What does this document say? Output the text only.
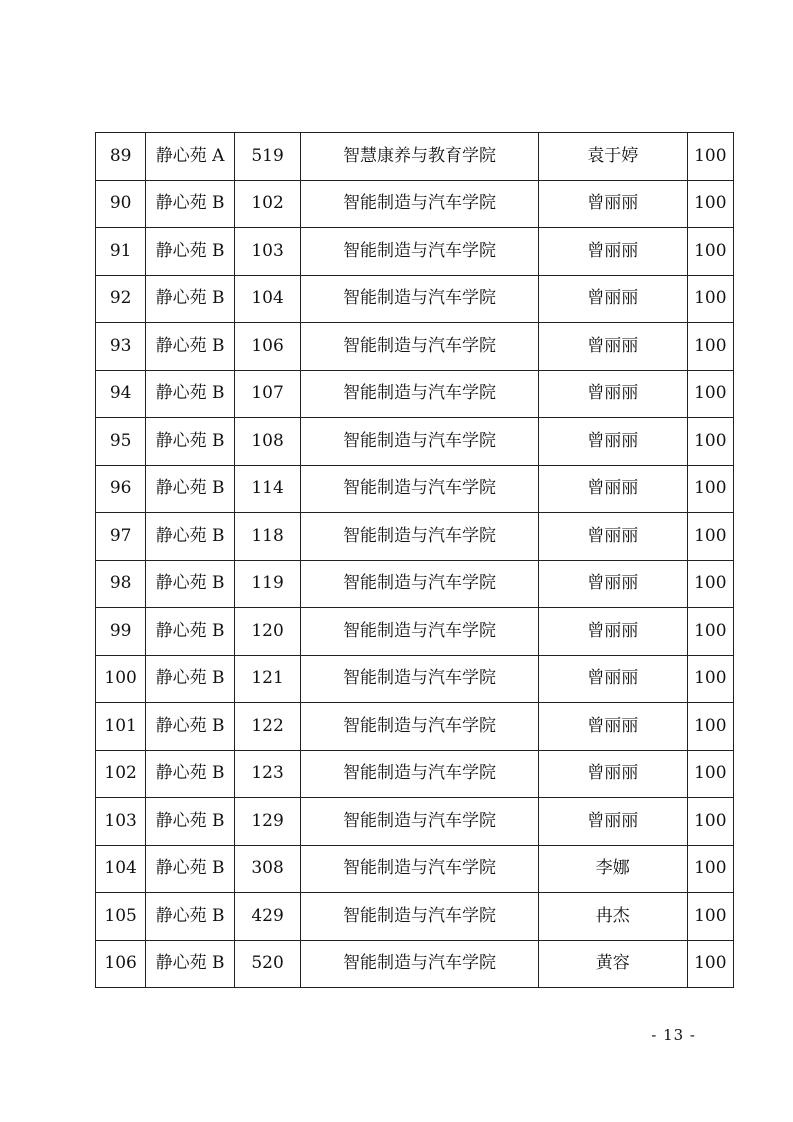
89	静心苑 A	519	智慧康养与教育学院	袁于婷	100
90	静心苑 B	102	智能制造与汽车学院	曾丽丽	100
91	静心苑 B	103	智能制造与汽车学院	曾丽丽	100
92	静心苑 B	104	智能制造与汽车学院	曾丽丽	100
93	静心苑 B	106	智能制造与汽车学院	曾丽丽	100
94	静心苑 B	107	智能制造与汽车学院	曾丽丽	100
95	静心苑 B	108	智能制造与汽车学院	曾丽丽	100
96	静心苑 B	114	智能制造与汽车学院	曾丽丽	100
97	静心苑 B	118	智能制造与汽车学院	曾丽丽	100
98	静心苑 B	119	智能制造与汽车学院	曾丽丽	100
99	静心苑 B	120	智能制造与汽车学院	曾丽丽	100
100	静心苑 B	121	智能制造与汽车学院	曾丽丽	100
101	静心苑 B	122	智能制造与汽车学院	曾丽丽	100
102	静心苑 B	123	智能制造与汽车学院	曾丽丽	100
103	静心苑 B	129	智能制造与汽车学院	曾丽丽	100
104	静心苑 B	308	智能制造与汽车学院	李娜	100
105	静心苑 B	429	智能制造与汽车学院	冉杰	100
106	静心苑 B	520	智能制造与汽车学院	黄容	100
- 13 -
